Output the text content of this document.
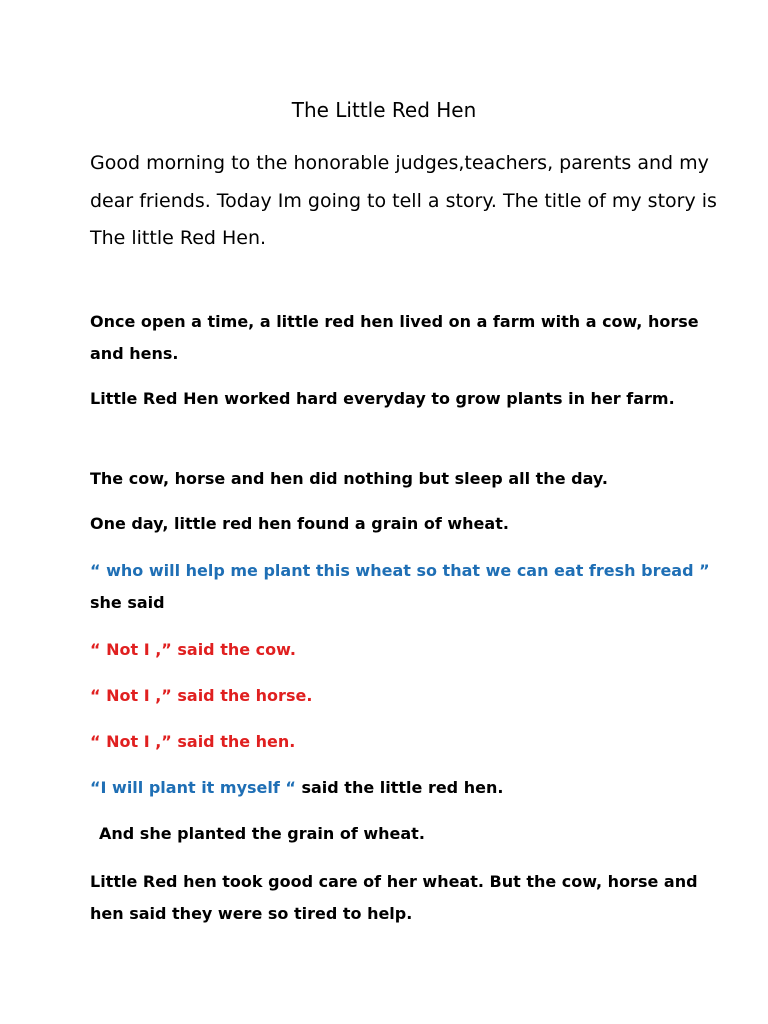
The Little Red Hen
Good morning to the honorable judges,teachers, parents and my dear friends. Today Im going to tell a story. The title of my story is The little Red Hen.
Once open a time, a little red hen lived on a farm with a cow, horse and hens.
Little Red Hen worked hard everyday to grow plants in her farm.
The cow, horse and hen did nothing but sleep all the day.
One day, little red hen found a grain of wheat.
“ who will help me plant this wheat so that we can eat fresh bread ” she said
“ Not I ,” said the cow.
“ Not I ,” said the horse.
“ Not I ,” said the hen.
“I will plant it myself “ said the little red hen.
And she planted the grain of wheat.
Little Red hen took good care of her wheat. But the cow, horse and hen said they were so tired to help.
